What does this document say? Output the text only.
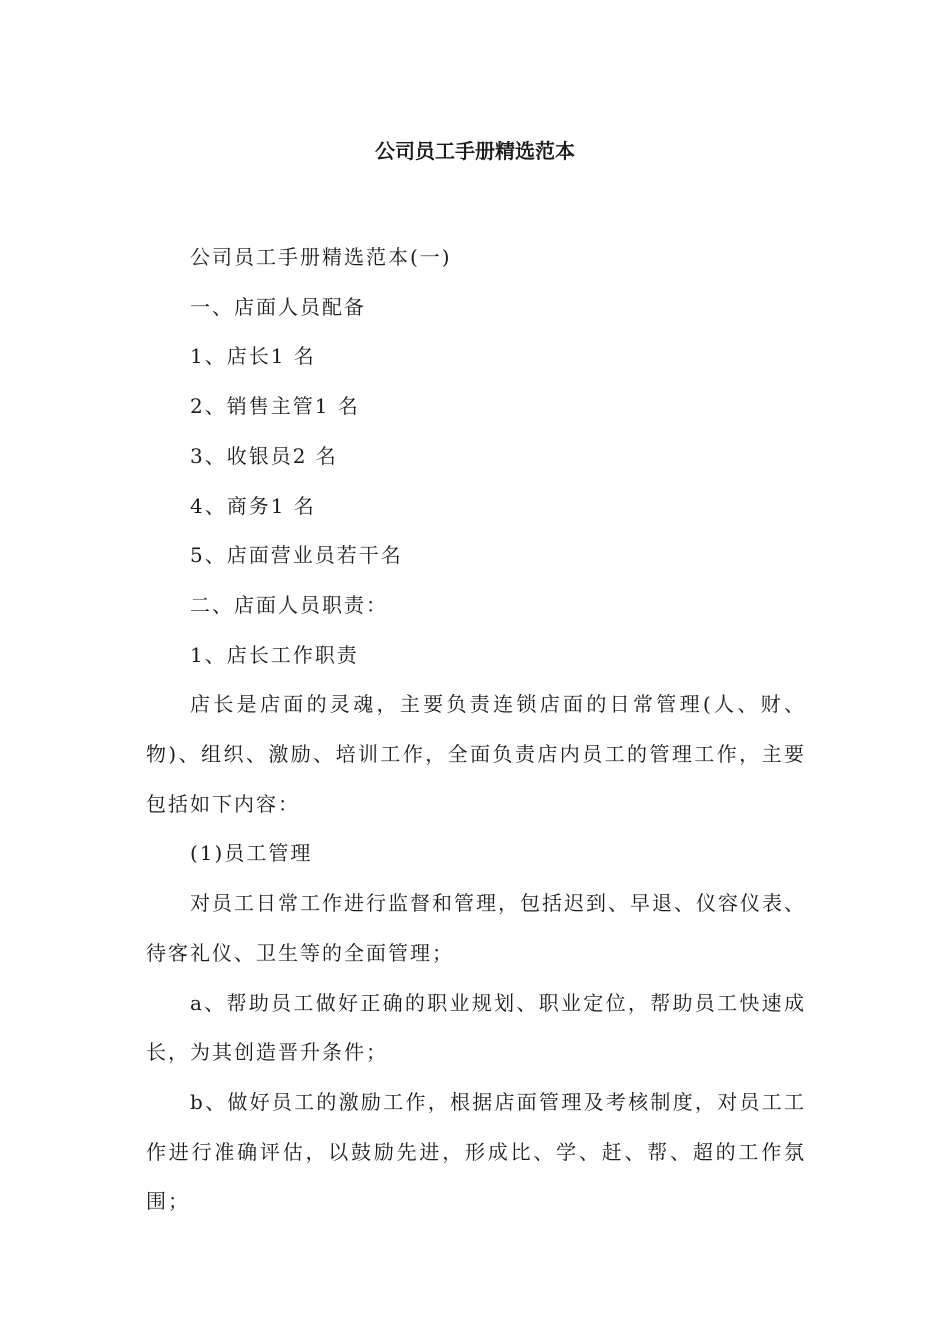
公司员工手册精选范本

公司员工手册精选范本(一)

一、店面人员配备

1、店长1 名

2、销售主管1 名

3、收银员2 名

4、商务1 名

5、店面营业员若干名

二、店面人员职责：

1、店长工作职责

店长是店面的灵魂，主要负责连锁店面的日常管理(人、财、物)、组织、激励、培训工作，全面负责店内员工的管理工作，主要包括如下内容：

(1)员工管理

对员工日常工作进行监督和管理，包括迟到、早退、仪容仪表、待客礼仪、卫生等的全面管理；

a、帮助员工做好正确的职业规划、职业定位，帮助员工快速成长，为其创造晋升条件；

b、做好员工的激励工作，根据店面管理及考核制度，对员工工作进行准确评估，以鼓励先进，形成比、学、赶、帮、超的工作氛围；
